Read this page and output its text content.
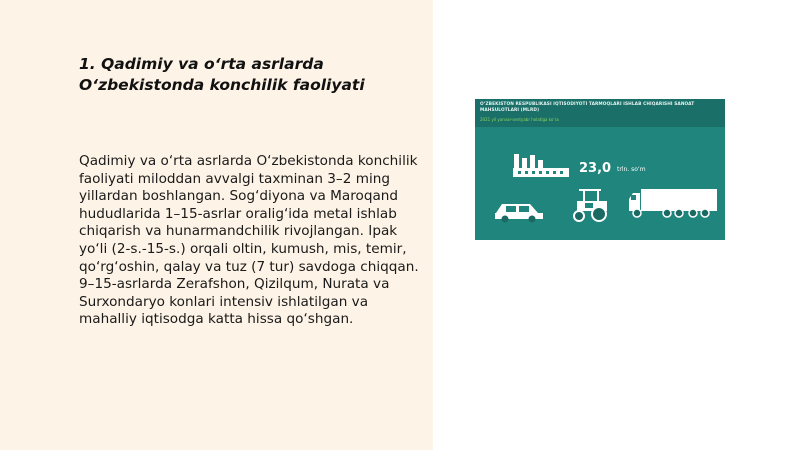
1. Qadimiy va o‘rta asrlarda O‘zbekistonda konchilik faoliyati

Qadimiy va o‘rta asrlarda O‘zbekistonda konchilik faoliyati miloddan avvalgi taxminan 3–2 ming yillardan boshlangan. Sog‘diyona va Maroqand hududlarida 1–15-asrlar oralig‘ida metal ishlab chiqarish va hunarmandchilik rivojlangan. Ipak yo‘li (2-s.-15-s.) orqali oltin, kumush, mis, temir, qo‘rg‘oshin, qalay va tuz (7 tur) savdoga chiqqan. 9–15-asrlarda Zerafshon, Qizilqum, Nurata va Surxondaryo konlari intensiv ishlatilgan va mahalliy iqtisodga katta hissa qo‘shgan.

O‘ZBEKISTON RESPUBLIKASI IQTISODIYOTI TARMOQLARI ISHLAB CHIQARISHI SANOAT MAHSULOTLARI (MLRD)
2021 yil yanvar-sentyabr holatiga ko‘ra
23,0 trln. so‘m
